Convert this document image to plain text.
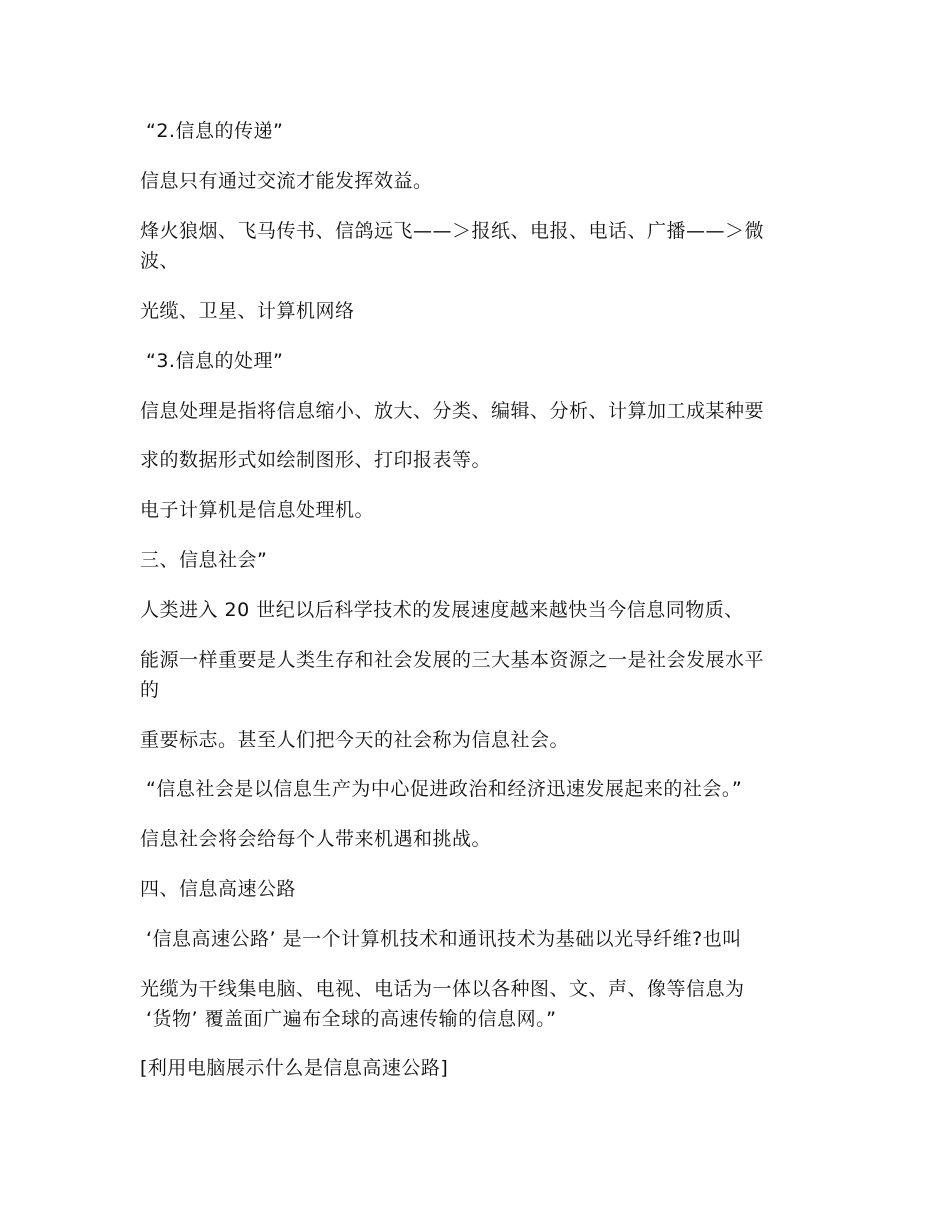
“2.信息的传递”
信息只有通过交流才能发挥效益。
烽火狼烟、飞马传书、信鸽远飞——＞报纸、电报、电话、广播——＞微
波、
光缆、卫星、计算机网络
“3.信息的处理”
信息处理是指将信息缩小、放大、分类、编辑、分析、计算加工成某种要
求的数据形式如绘制图形、打印报表等。
电子计算机是信息处理机。
三、信息社会”
人类进入 20 世纪以后科学技术的发展速度越来越快当今信息同物质、
能源一样重要是人类生存和社会发展的三大基本资源之一是社会发展水平
的
重要标志。甚至人们把今天的社会称为信息社会。
“信息社会是以信息生产为中心促进政治和经济迅速发展起来的社会。”
信息社会将会给每个人带来机遇和挑战。
四、信息高速公路
‘信息高速公路’ 是一个计算机技术和通讯技术为基础以光导纤维?也叫
光缆为干线集电脑、电视、电话为一体以各种图、文、声、像等信息为
‘货物’ 覆盖面广遍布全球的高速传输的信息网。”
[利用电脑展示什么是信息高速公路]
